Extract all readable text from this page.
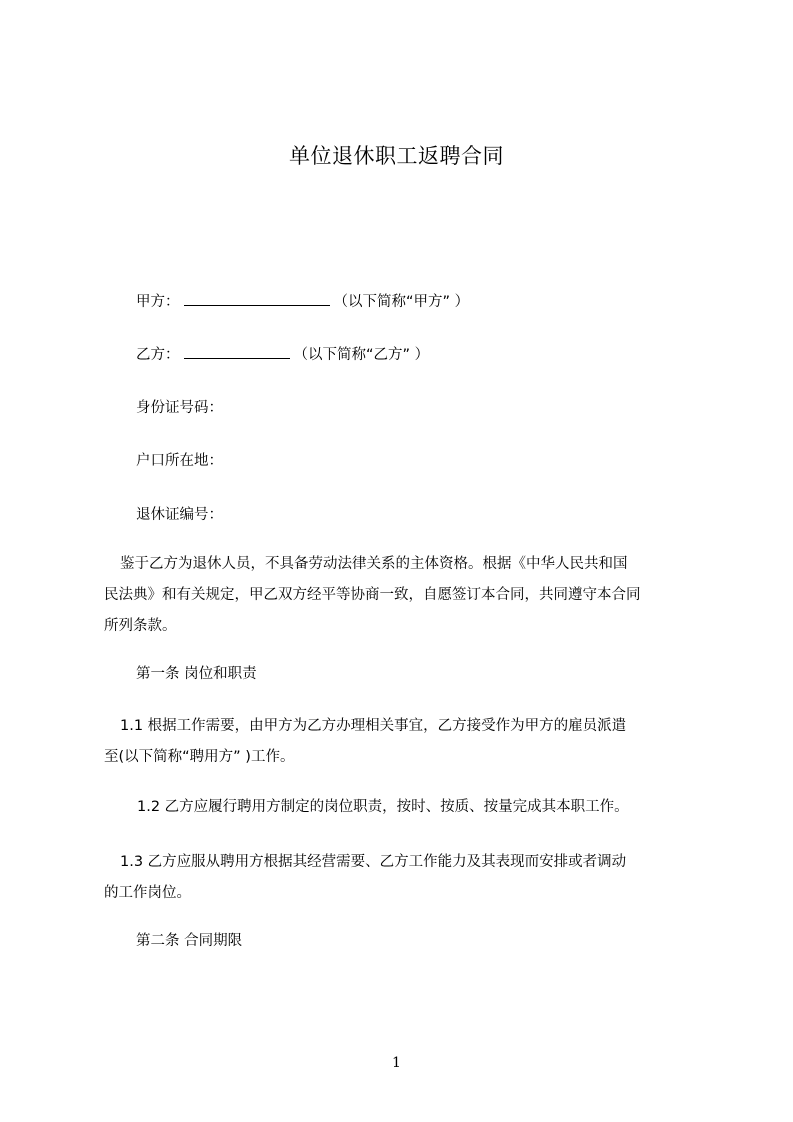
单位退休职工返聘合同
甲方：	（以下简称“甲方” ）
乙方：	（以下简称“乙方” ）
身份证号码：
户口所在地：
退休证编号：
鉴于乙方为退休人员，不具备劳动法律关系的主体资格。根据《中华人民共和国
民法典》和有关规定，甲乙双方经平等协商一致，自愿签订本合同，共同遵守本合同
所列条款。
第一条 岗位和职责
1.1 根据工作需要，由甲方为乙方办理相关事宜，乙方接受作为甲方的雇员派遣
至(以下简称“聘用方” )工作。
1.2 乙方应履行聘用方制定的岗位职责，按时、按质、按量完成其本职工作。
1.3 乙方应服从聘用方根据其经营需要、乙方工作能力及其表现而安排或者调动
的工作岗位。
第二条 合同期限
1
